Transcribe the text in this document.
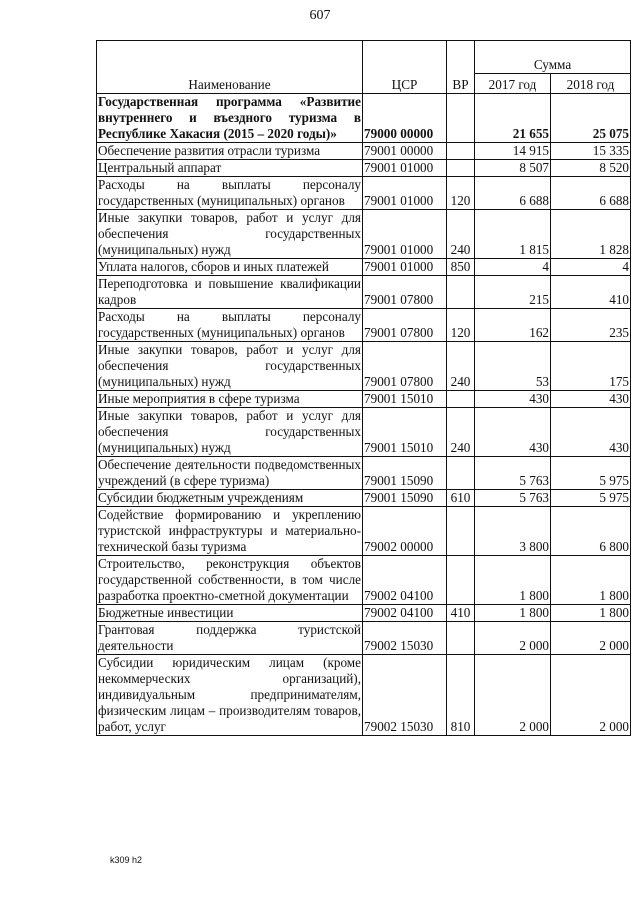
607
Наименование	ЦСР	ВР	Сумма	
			2017 год	2018 год
Государственная программа «Развитие внутреннего и въездного туризма в Республике Хакасия (2015 – 2020 годы)»	79000 00000		21 655	25 075
Обеспечение развития отрасли туризма	79001 00000		14 915	15 335
Центральный аппарат	79001 01000		8 507	8 520
Расходы на выплаты персоналу государственных (муниципальных) органов	79001 01000	120	6 688	6 688
Иные закупки товаров, работ и услуг для обеспечения государственных (муниципальных) нужд	79001 01000	240	1 815	1 828
Уплата налогов, сборов и иных платежей	79001 01000	850	4	4
Переподготовка и повышение квалификации кадров	79001 07800		215	410
Расходы на выплаты персоналу государственных (муниципальных) органов	79001 07800	120	162	235
Иные закупки товаров, работ и услуг для обеспечения государственных (муниципальных) нужд	79001 07800	240	53	175
Иные мероприятия в сфере туризма	79001 15010		430	430
Иные закупки товаров, работ и услуг для обеспечения государственных (муниципальных) нужд	79001 15010	240	430	430
Обеспечение деятельности подведомственных учреждений (в сфере туризма)	79001 15090		5 763	5 975
Субсидии бюджетным учреждениям	79001 15090	610	5 763	5 975
Содействие формированию и укреплению туристской инфраструктуры и материально-технической базы туризма	79002 00000		3 800	6 800
Строительство, реконструкция объектов государственной собственности, в том числе разработка проектно-сметной документации	79002 04100		1 800	1 800
Бюджетные инвестиции	79002 04100	410	1 800	1 800
Грантовая поддержка туристской деятельности	79002 15030		2 000	2 000
Субсидии юридическим лицам (кроме некоммерческих организаций), индивидуальным предпринимателям, физическим лицам – производителям товаров, работ, услуг	79002 15030	810	2 000	2 000
k309 h2
